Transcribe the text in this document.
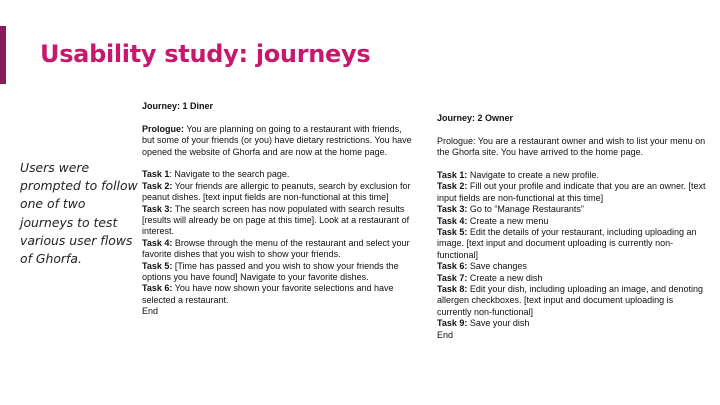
Usability study: journeys
Users were prompted to follow one of two journeys to test various user flows of Ghorfa.

Journey: 1 Diner

Prologue: You are planning on going to a restaurant with friends, but some of your friends (or you) have dietary restrictions. You have opened the website of Ghorfa and are now at the home page.

Task 1: Navigate to the search page.

Task 2: Your friends are allergic to peanuts, search by exclusion for peanut dishes. [text input fields are non-functional at this time]

Task 3: The search screen has now populated with search results [results will already be on page at this time]. Look at a restaurant of interest.

Task 4: Browse through the menu of the restaurant and select your favorite dishes that you wish to show your friends.

Task 5: [Time has passed and you wish to show your friends the options you have found] Navigate to your favorite dishes.

Task 6: You have now shown your favorite selections and have selected a restaurant.

End

Journey: 2 Owner

Prologue: You are a restaurant owner and wish to list your menu on the Ghorfa site. You have arrived to the home page.

Task 1: Navigate to create a new profile.

Task 2: Fill out your profile and indicate that you are an owner. [text input fields are non-functional at this time]

Task 3: Go to “Manage Restaurants”

Task 4: Create a new menu

Task 5: Edit the details of your restaurant, including uploading an image. [text input and document uploading is currently non-functional]

Task 6: Save changes

Task 7: Create a new dish

Task 8: Edit your dish, including uploading an image, and denoting allergen checkboxes. [text input and document uploading is currently non-functional]

Task 9: Save your dish

End
